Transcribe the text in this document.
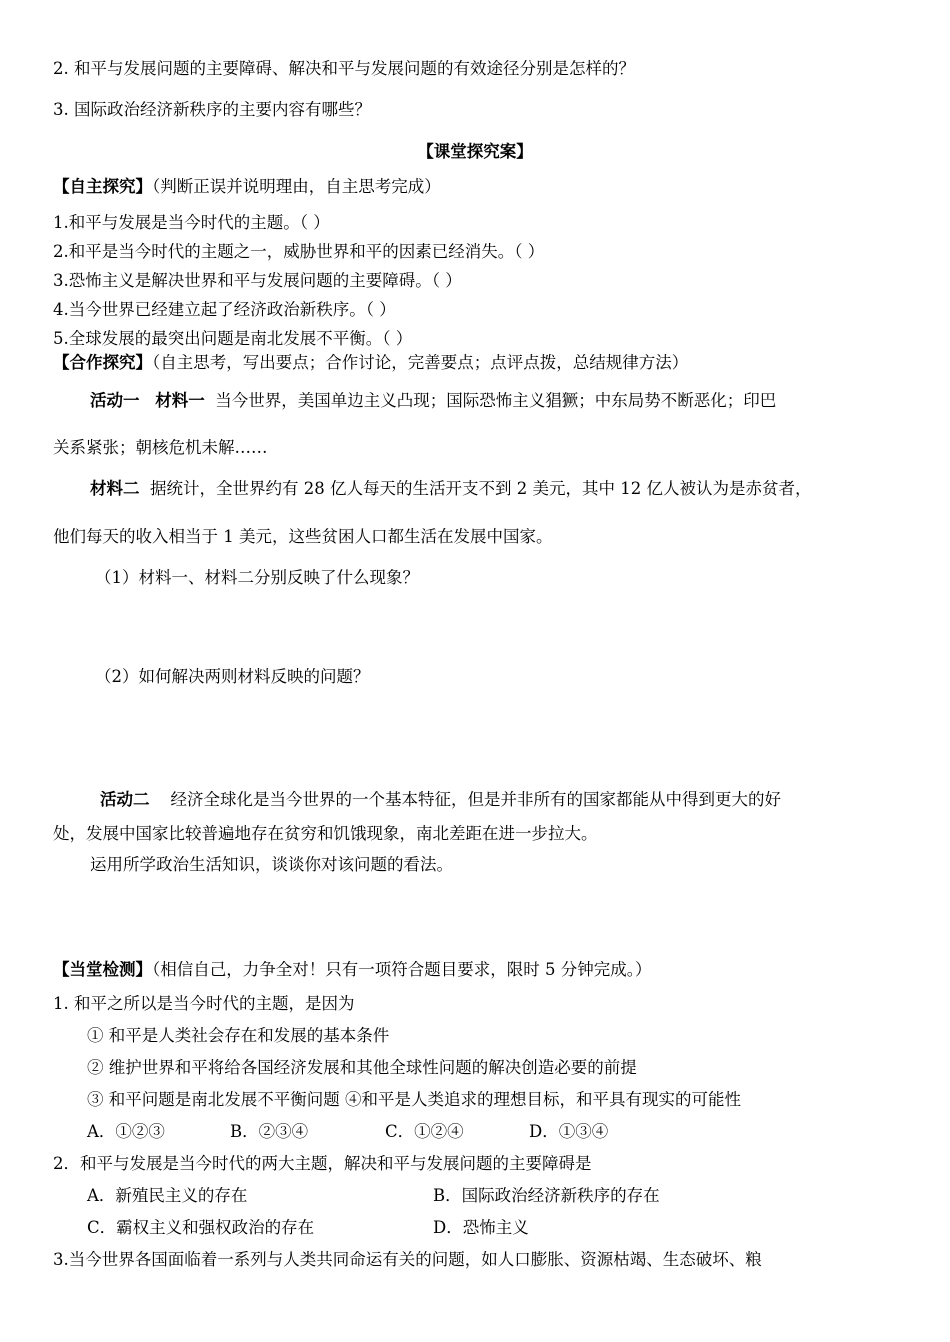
2. 和平与发展问题的主要障碍、解决和平与发展问题的有效途径分别是怎样的？
3. 国际政治经济新秩序的主要内容有哪些？
【课堂探究案】
【自主探究】（判断正误并说明理由，自主思考完成）
1.和平与发展是当今时代的主题。（ ）
2.和平是当今时代的主题之一，威胁世界和平的因素已经消失。（ ）
3.恐怖主义是解决世界和平与发展问题的主要障碍。（ ）
4.当今世界已经建立起了经济政治新秩序。（ ）
5.全球发展的最突出问题是南北发展不平衡。（ ）
【合作探究】（自主思考，写出要点；合作讨论，完善要点；点评点拨，总结规律方法）
活动一 材料一 当今世界，美国单边主义凸现；国际恐怖主义猖獗；中东局势不断恶化；印巴
关系紧张；朝核危机未解……
材料二 据统计，全世界约有 28 亿人每天的生活开支不到 2 美元，其中 12 亿人被认为是赤贫者，
他们每天的收入相当于 1 美元，这些贫困人口都生活在发展中国家。
（1）材料一、材料二分别反映了什么现象？
（2）如何解决两则材料反映的问题？
活动二 经济全球化是当今世界的一个基本特征，但是并非所有的国家都能从中得到更大的好
处，发展中国家比较普遍地存在贫穷和饥饿现象，南北差距在进一步拉大。
运用所学政治生活知识，谈谈你对该问题的看法。
【当堂检测】（相信自己，力争全对！只有一项符合题目要求，限时 5 分钟完成。）
1. 和平之所以是当今时代的主题，是因为
① 和平是人类社会存在和发展的基本条件
② 维护世界和平将给各国经济发展和其他全球性问题的解决创造必要的前提
③ 和平问题是南北发展不平衡问题 ④和平是人类追求的理想目标，和平具有现实的可能性
A．①②③	B．②③④	C．①②④	D．①③④
2．和平与发展是当今时代的两大主题，解决和平与发展问题的主要障碍是
A．新殖民主义的存在	B．国际政治经济新秩序的存在
C．霸权主义和强权政治的存在	D．恐怖主义
3.当今世界各国面临着一系列与人类共同命运有关的问题，如人口膨胀、资源枯竭、生态破坏、粮
